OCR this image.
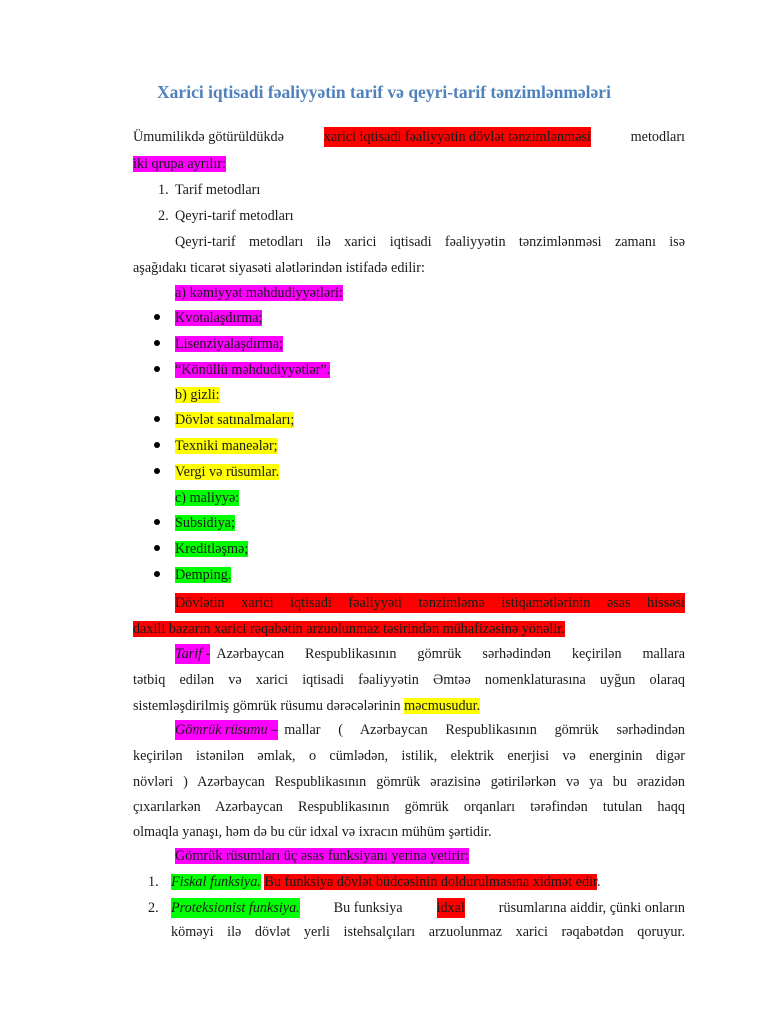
Xarici iqtisadi fəaliyyətin tarif və qeyri-tarif tənzimlənmələri
Ümumilikdə götürüldükdə	xarici iqtisadi fəaliyyətin dövlət tənzimlənməsi	metodları
iki qrupa ayrılır:
1. Tarif metodları
2. Qeyri-tarif metodları
Qeyri-tarif metodları ilə xarici iqtisadi fəaliyyətin tənzimlənməsi zamanı isə
aşağıdakı ticarət siyasəti alətlərindən istifadə edilir:
a) kəmiyyət məhdudiyyətləri:
Kvotalaşdırma;
Lisenziyalaşdırma;
“Könüllü məhdudiyyətlər”.
b) gizli:
Dövlət satınalmaları;
Texniki maneələr;
Vergi və rüsumlar.
c) maliyyə:
Subsidiya;
Kreditləşmə;
Demping.
Dövlətin xarici iqtisadi fəaliyyəti tənzimləmə istiqamətlərinin əsas hissəsi
daxili bazarın xarici rəqabətin arzuolunmaz təsirindən mühafizəsinə yönəlir.
Tarif - Azərbaycan Respublikasının gömrük sərhədindən keçirilən mallara
tətbiq edilən və xarici iqtisadi fəaliyyətin Əmtəə nomenklaturasına uyğun olaraq
sistemləşdirilmiş gömrük rüsumu dərəcələrinin məcmusudur.
Gömrük rüsumu – mallar ( Azərbaycan Respublikasının gömrük sərhədindən
keçirilən istənilən əmlak, o cümlədən, istilik, elektrik enerjisi və energinin digər
növləri ) Azərbaycan Respublikasının gömrük ərazisinə gətirilərkən və ya bu ərazidən
çıxarılarkən Azərbaycan Respublikasının gömrük orqanları tərəfindən tutulan haqq
olmaqla yanaşı, həm də bu cür idxal və ixracın mühüm şərtidir.
Gömrük rüsumları üç əsas funksiyanı yerinə yetirir:
1. Fiskal funksiya. Bu funksiya dövlət büdcəsinin doldurulmasına xidmət edir.
2. Proteksionist funksiya. Bu funksiya idxal rüsumlarına aiddir, çünki onların
köməyi ilə dövlət yerli istehsalçıları arzuolunmaz xarici rəqabətdən qoruyur.
